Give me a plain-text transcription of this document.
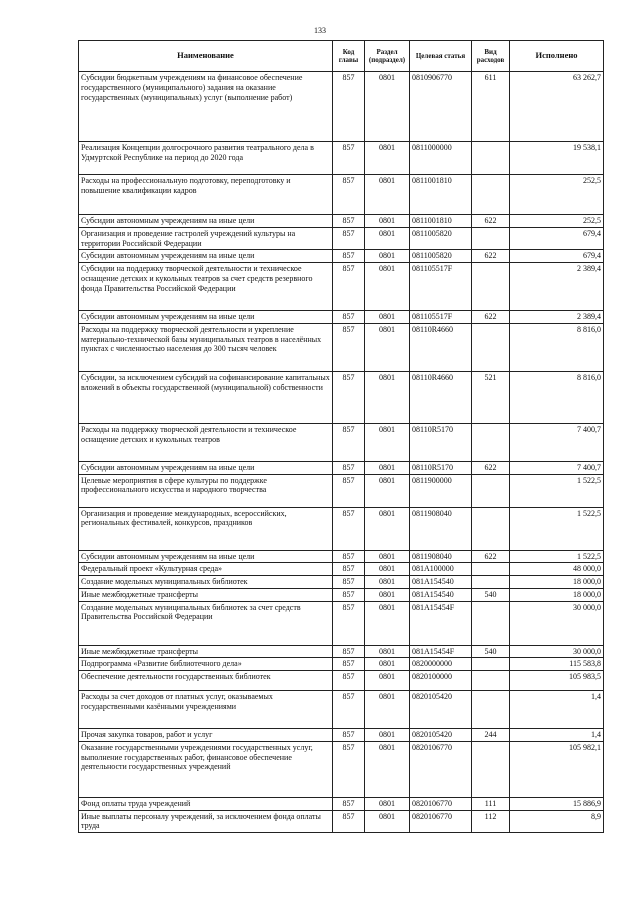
133
Наименование	Код главы	Раздел (подраздел)	Целевая статья	Вид расходов	Исполнено
Субсидии бюджетным учреждениям на финансовое обеспечение государственного (муниципального) задания на оказание государственных (муниципальных) услуг (выполнение работ)	857	0801	0810906770	611	63 262,7
Реализация Концепции долгосрочного развития театрального дела в Удмуртской Республике на период до 2020 года	857	0801	0811000000		19 538,1
Расходы на профессиональную подготовку, переподготовку и повышение квалификации кадров	857	0801	0811001810		252,5
Субсидии автономным учреждениям на иные цели	857	0801	0811001810	622	252,5
Организация и проведение гастролей учреждений культуры на территории Российской Федерации	857	0801	0811005820		679,4
Субсидии автономным учреждениям на иные цели	857	0801	0811005820	622	679,4
Субсидии на поддержку творческой деятельности и техническое оснащение детских и кукольных театров за счет средств резервного фонда Правительства Российской Федерации	857	0801	081105517F		2 389,4
Субсидии автономным учреждениям на иные цели	857	0801	081105517F	622	2 389,4
Расходы на поддержку творческой деятельности и укрепление материально-технической базы муниципальных театров в населённых пунктах с численностью населения до 300 тысяч человек	857	0801	08110R4660		8 816,0
Субсидии, за исключением субсидий на софинансирование капитальных вложений в объекты государственной (муниципальной) собственности	857	0801	08110R4660	521	8 816,0
Расходы на поддержку творческой деятельности и техническое оснащение детских и кукольных театров	857	0801	08110R5170		7 400,7
Субсидии автономным учреждениям на иные цели	857	0801	08110R5170	622	7 400,7
Целевые мероприятия в сфере культуры по поддержке профессионального искусства и народного творчества	857	0801	0811900000		1 522,5
Организация и проведение международных, всероссийских, региональных фестивалей, конкурсов, праздников	857	0801	0811908040		1 522,5
Субсидии автономным учреждениям на иные цели	857	0801	0811908040	622	1 522,5
Федеральный проект «Культурная среда»	857	0801	081A100000		48 000,0
Создание модельных муниципальных библиотек	857	0801	081A154540		18 000,0
Иные межбюджетные трансферты	857	0801	081A154540	540	18 000,0
Создание модельных муниципальных библиотек за счет средств Правительства Российской Федерации	857	0801	081A15454F		30 000,0
Иные межбюджетные трансферты	857	0801	081A15454F	540	30 000,0
Подпрограмма «Развитие библиотечного дела»	857	0801	0820000000		115 583,8
Обеспечение деятельности государственных библиотек	857	0801	0820100000		105 983,5
Расходы за счет доходов от платных услуг, оказываемых государственными казёнными учреждениями	857	0801	0820105420		1,4
Прочая закупка товаров, работ и услуг	857	0801	0820105420	244	1,4
Оказание государственными учреждениями государственных услуг, выполнение государственных работ, финансовое обеспечение деятельности государственных учреждений	857	0801	0820106770		105 982,1
Фонд оплаты труда учреждений	857	0801	0820106770	111	15 886,9
Иные выплаты персоналу учреждений, за исключением фонда оплаты труда	857	0801	0820106770	112	8,9
